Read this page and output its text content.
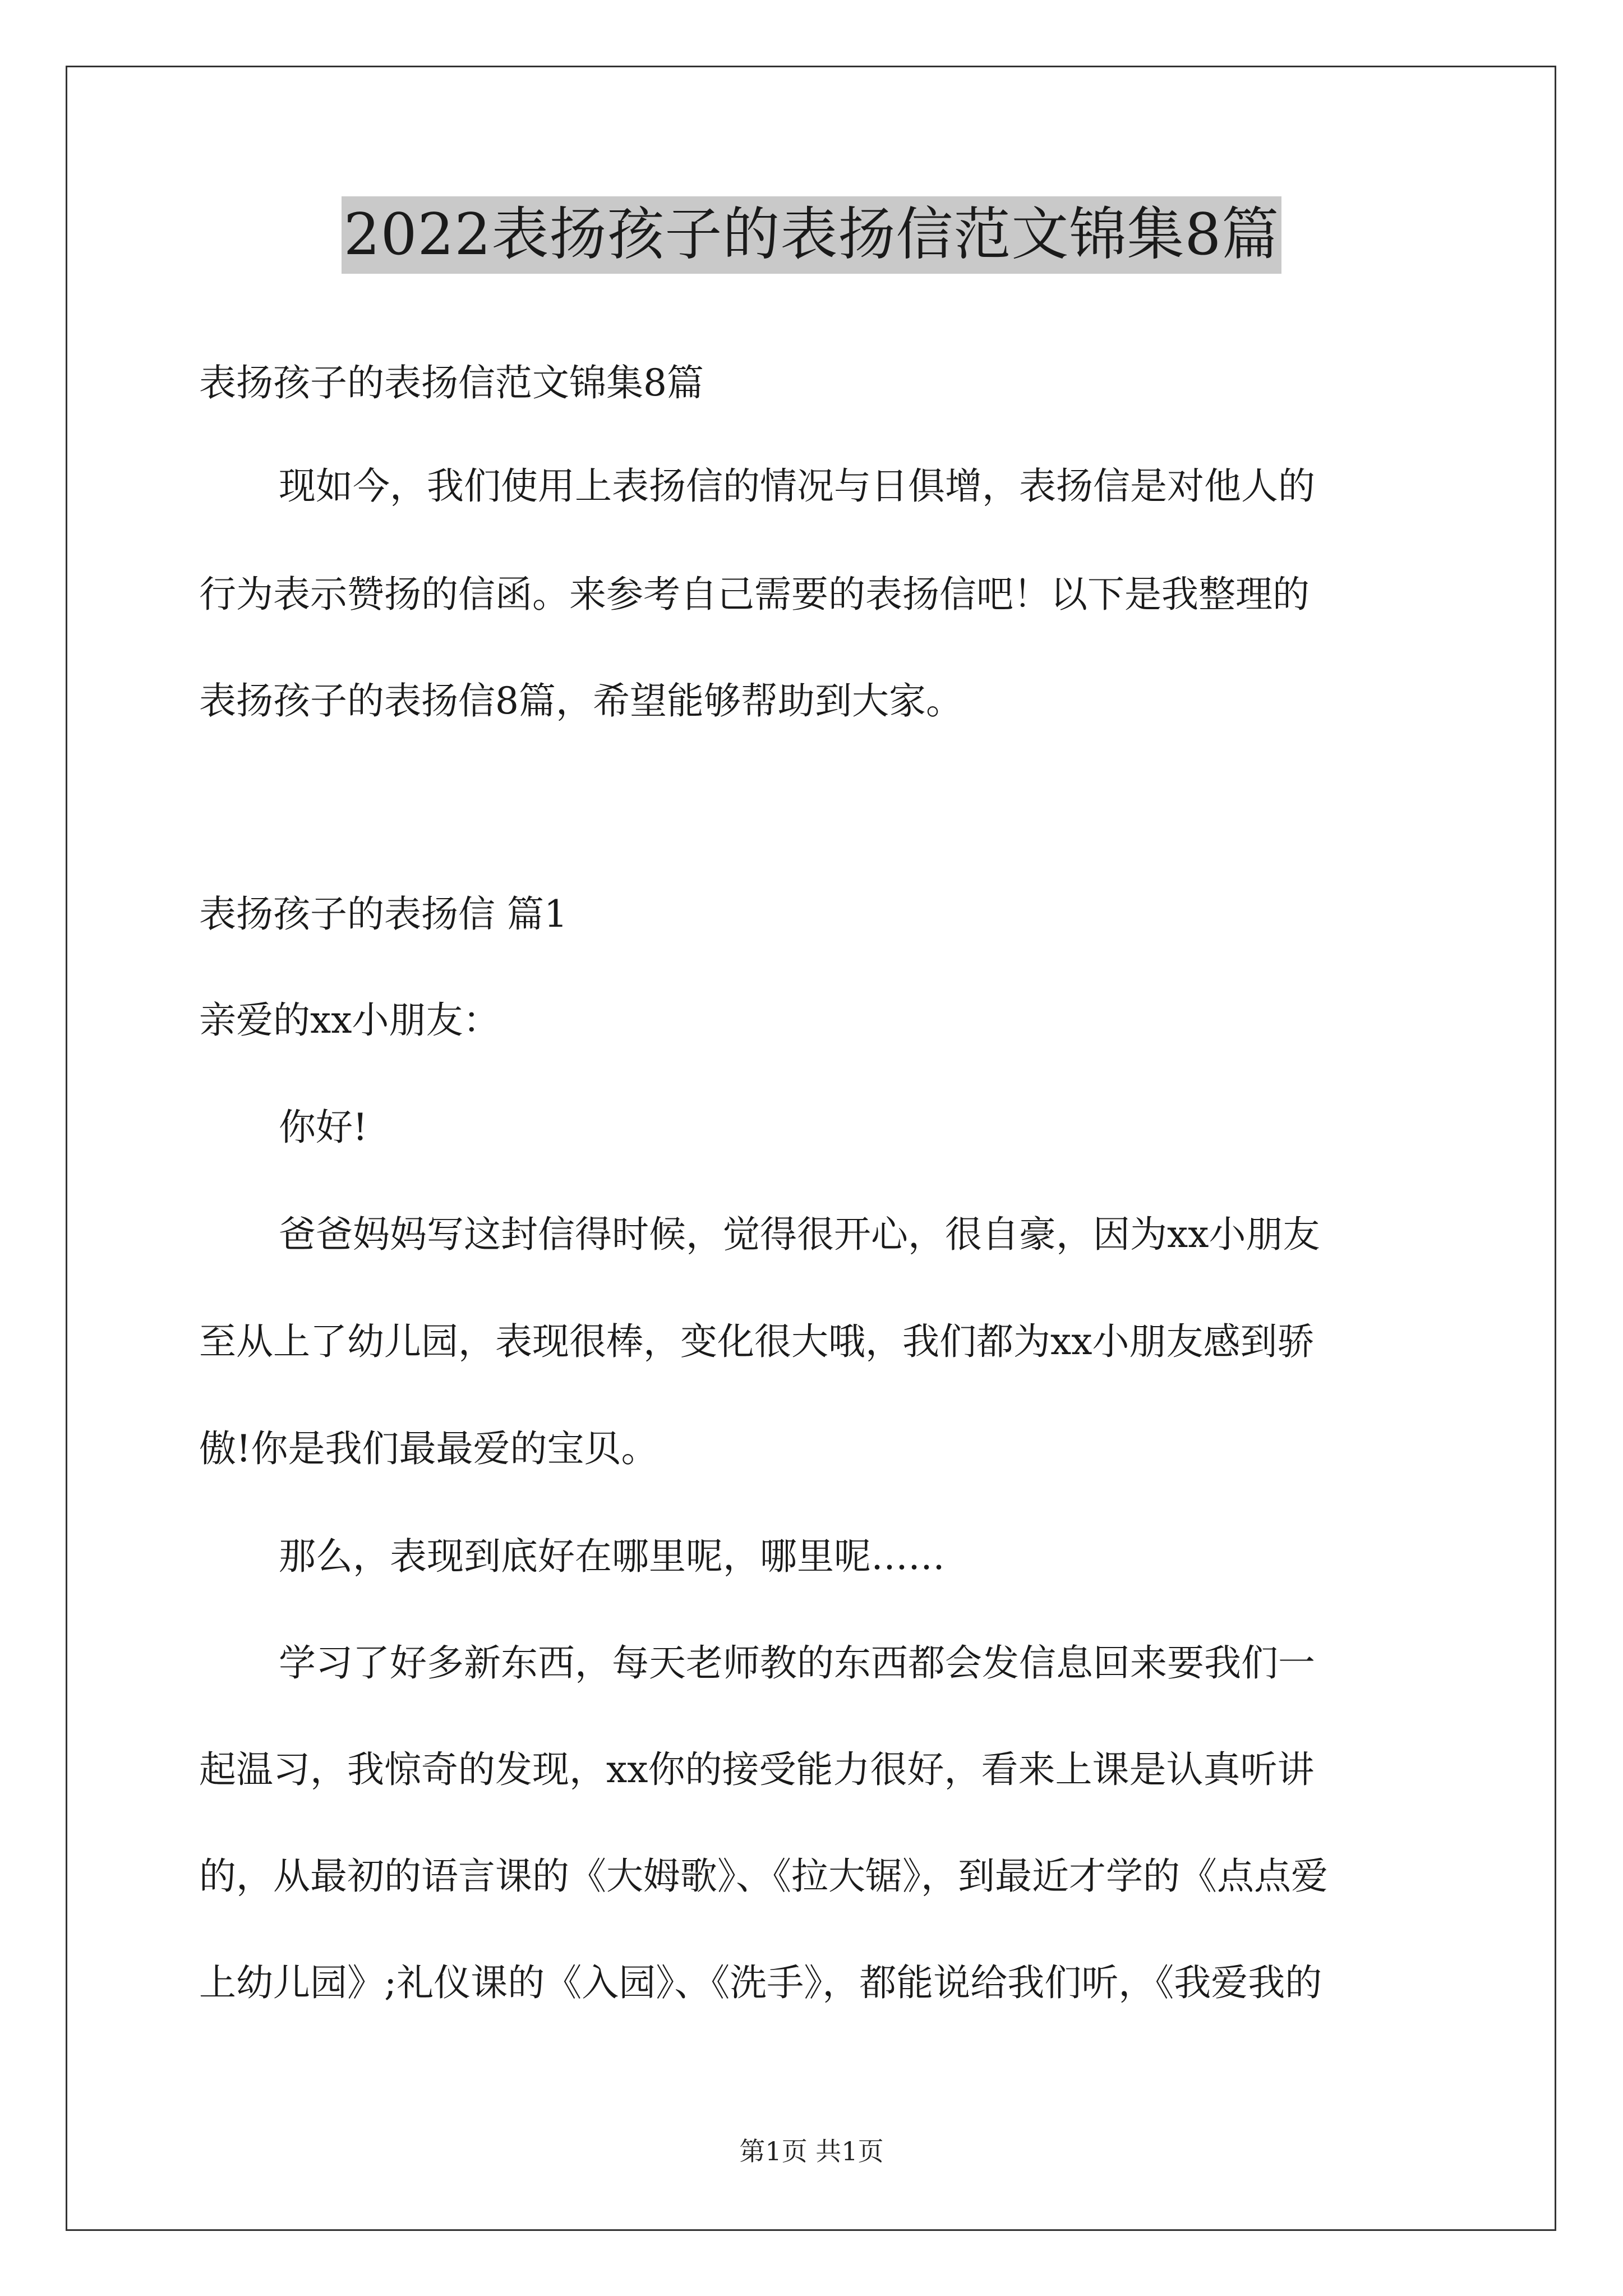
2022表扬孩子的表扬信范文锦集8篇
表扬孩子的表扬信范文锦集8篇
现如今，我们使用上表扬信的情况与日俱增，表扬信是对他人的
行为表示赞扬的信函。来参考自己需要的表扬信吧！以下是我整理的
表扬孩子的表扬信8篇，希望能够帮助到大家。
表扬孩子的表扬信 篇1
亲爱的xx小朋友：
你好!
爸爸妈妈写这封信得时候，觉得很开心，很自豪，因为xx小朋友
至从上了幼儿园，表现很棒，变化很大哦，我们都为xx小朋友感到骄
傲!你是我们最最爱的宝贝。
那么，表现到底好在哪里呢，哪里呢……
学习了好多新东西，每天老师教的东西都会发信息回来要我们一
起温习，我惊奇的发现，xx你的接受能力很好，看来上课是认真听讲
的，从最初的语言课的《大姆歌》、《拉大锯》，到最近才学的《点点爱
上幼儿园》;礼仪课的《入园》、《洗手》，都能说给我们听，《我爱我的
第1页 共1页
